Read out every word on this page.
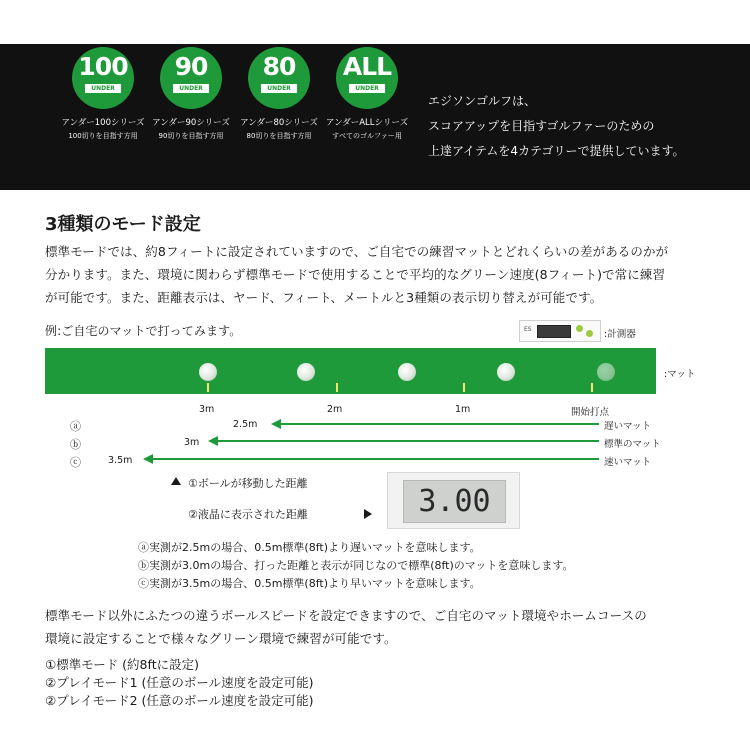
100
UNDER
アンダー100シリーズ
100切りを目指す方用
90
UNDER
アンダー90シリーズ
90切りを目指す方用
80
UNDER
アンダー80シリーズ
80切りを目指す方用
ALL
UNDER
アンダーALLシリーズ
すべてのゴルファー用
エジソンゴルフは、
スコアアップを目指すゴルファーのための
上達アイテムを4カテゴリーで提供しています。
3種類のモード設定
標準モードでは、約8フィートに設定されていますので、ご自宅での練習マットとどれくらいの差があるのかが
分かります。また、環境に関わらず標準モードで使用することで平均的なグリーン速度(8フィート)で常に練習
が可能です。また、距離表示は、ヤード、フィート、メートルと3種類の表示切り替えが可能です。
例:ご自宅のマットで打ってみます。	ES	:計測器
:マット
3m	2m	1m	開始打点
ⓐ	2.5m	遅いマット
ⓑ	3m	標準のマット
ⓒ	3.5m	速いマット
①ボールが移動した距離
②液晶に表示された距離	3.00
ⓐ実測が2.5mの場合、0.5m標準(8ft)より遅いマットを意味します。
ⓑ実測が3.0mの場合、打った距離と表示が同じなので標準(8ft)のマットを意味します。
ⓒ実測が3.5mの場合、0.5m標準(8ft)より早いマットを意味します。
標準モード以外にふたつの違うボールスピードを設定できますので、ご自宅のマット環境やホームコースの
環境に設定することで様々なグリーン環境で練習が可能です。
①標準モード (約8ftに設定)
②プレイモード1 (任意のボール速度を設定可能)
②プレイモード2 (任意のボール速度を設定可能)
